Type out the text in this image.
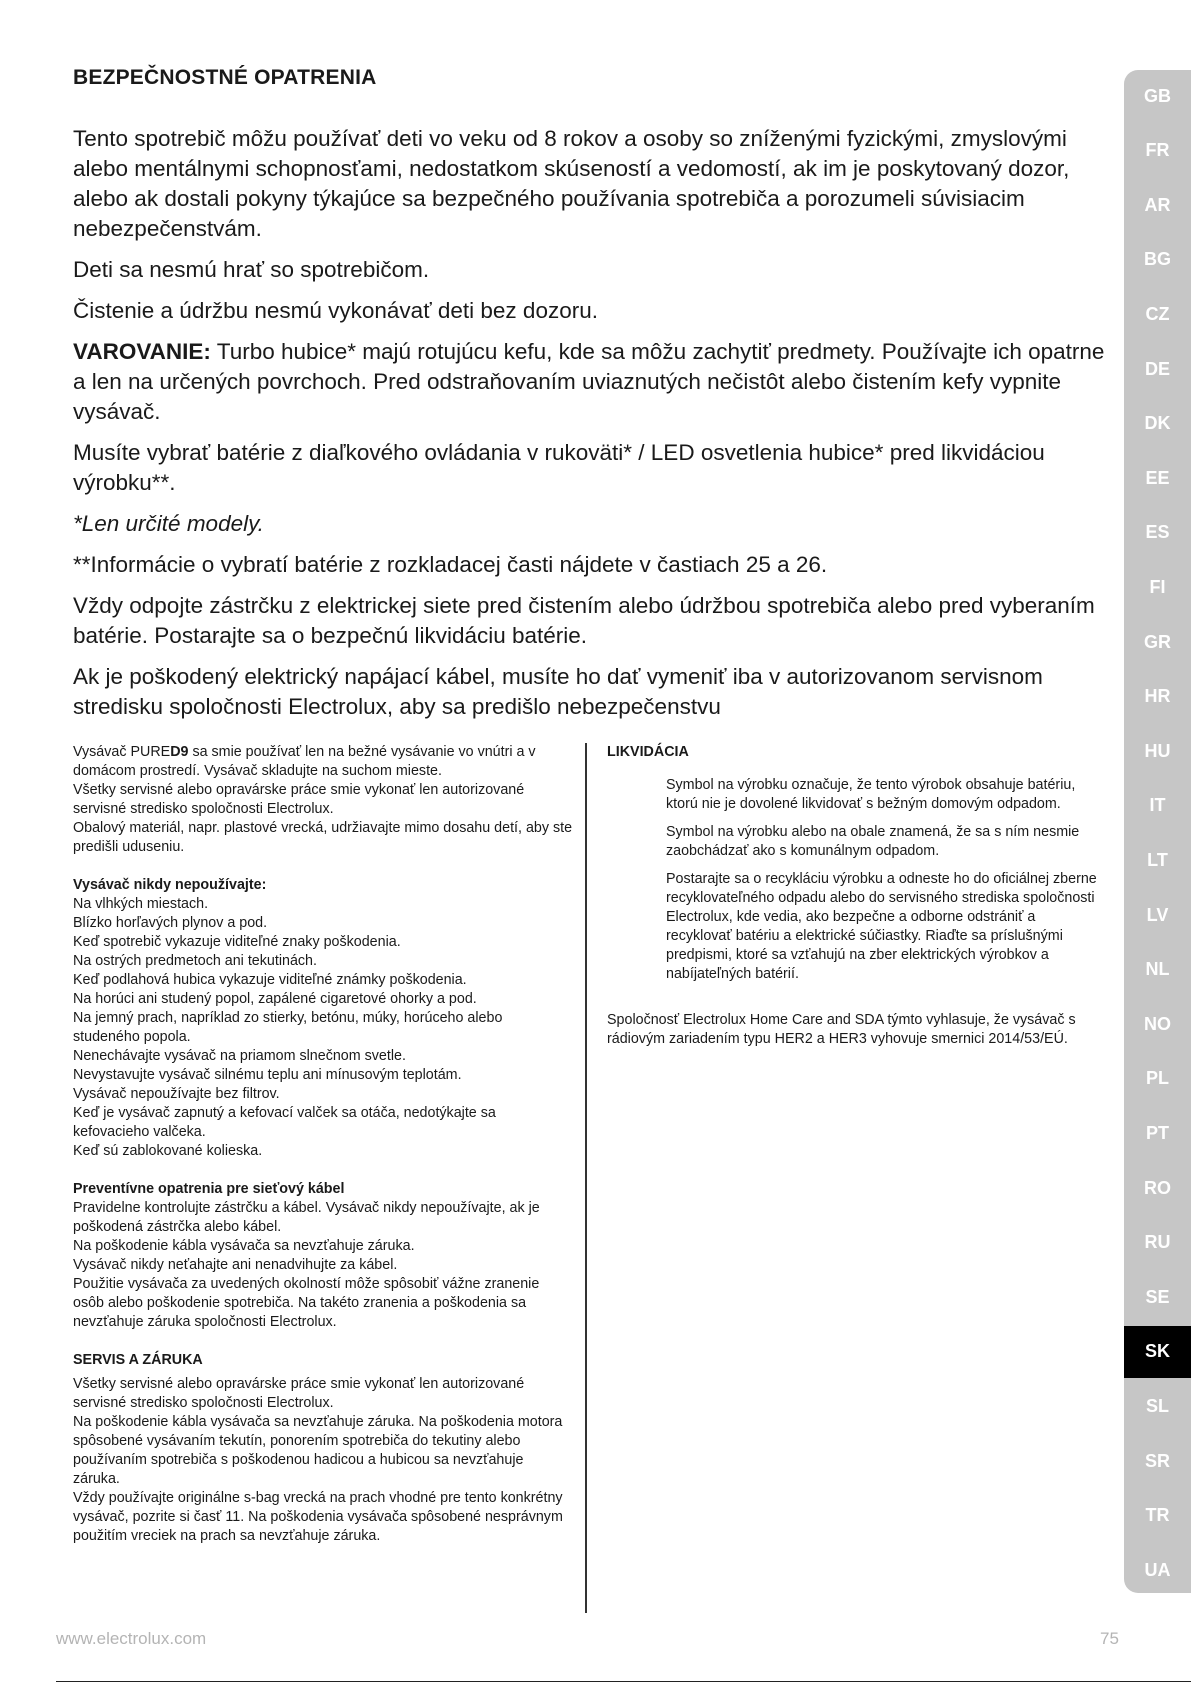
BEZPEČNOSTNÉ OPATRENIA

Tento spotrebič môžu používať deti vo veku od 8 rokov a osoby so zníženými fyzickými, zmyslovými alebo mentálnymi schopnosťami, nedostatkom skúseností a vedomostí, ak im je poskytovaný dozor, alebo ak dostali pokyny týkajúce sa bezpečného používania spotrebiča a porozumeli súvisiacim nebezpečenstvám.

Deti sa nesmú hrať so spotrebičom.

Čistenie a údržbu nesmú vykonávať deti bez dozoru.

VAROVANIE: Turbo hubice* majú rotujúcu kefu, kde sa môžu zachytiť predmety. Používajte ich opatrne a len na určených povrchoch. Pred odstraňovaním uviaznutých nečistôt alebo čistením kefy vypnite vysávač.

Musíte vybrať batérie z diaľkového ovládania v rukoväti* / LED osvetlenia hubice* pred likvidáciou výrobku**.

*Len určité modely.

**Informácie o vybratí batérie z rozkladacej časti nájdete v častiach 25 a 26.

Vždy odpojte zástrčku z elektrickej siete pred čistením alebo údržbou spotrebiča alebo pred vyberaním batérie. Postarajte sa o bezpečnú likvidáciu batérie.

Ak je poškodený elektrický napájací kábel, musíte ho dať vymeniť iba v autorizovanom servisnom stredisku spoločnosti Electrolux, aby sa predišlo nebezpečenstvu

Vysávač PURED9 sa smie používať len na bežné vysávanie vo vnútri a v domácom prostredí. Vysávač skladujte na suchom mieste.
Všetky servisné alebo opravárske práce smie vykonať len autorizované servisné stredisko spoločnosti Electrolux.
Obalový materiál, napr. plastové vrecká, udržiavajte mimo dosahu detí, aby ste predišli uduseniu.
Vysávač nikdy nepoužívajte:
Na vlhkých miestach.
Blízko horľavých plynov a pod.
Keď spotrebič vykazuje viditeľné znaky poškodenia.
Na ostrých predmetoch ani tekutinách.
Keď podlahová hubica vykazuje viditeľné známky poškodenia.
Na horúci ani studený popol, zapálené cigaretové ohorky a pod.
Na jemný prach, napríklad zo stierky, betónu, múky, horúceho alebo studeného popola.
Nenechávajte vysávač na priamom slnečnom svetle.
Nevystavujte vysávač silnému teplu ani mínusovým teplotám.
Vysávač nepoužívajte bez filtrov.
Keď je vysávač zapnutý a kefovací valček sa otáča, nedotýkajte sa kefovacieho valčeka.
Keď sú zablokované kolieska.
Preventívne opatrenia pre sieťový kábel
Pravidelne kontrolujte zástrčku a kábel. Vysávač nikdy nepoužívajte, ak je poškodená zástrčka alebo kábel.
Na poškodenie kábla vysávača sa nevzťahuje záruka.
Vysávač nikdy neťahajte ani nenadvihujte za kábel.
Použitie vysávača za uvedených okolností môže spôsobiť vážne zranenie osôb alebo poškodenie spotrebiča. Na takéto zranenia a poškodenia sa nevzťahuje záruka spoločnosti Electrolux.
SERVIS A ZÁRUKA
Všetky servisné alebo opravárske práce smie vykonať len autorizované servisné stredisko spoločnosti Electrolux.
Na poškodenie kábla vysávača sa nevzťahuje záruka. Na poškodenia motora spôsobené vysávaním tekutín, ponorením spotrebiča do tekutiny alebo používaním spotrebiča s poškodenou hadicou a hubicou sa nevzťahuje záruka.
Vždy používajte originálne s-bag vrecká na prach vhodné pre tento konkrétny vysávač, pozrite si časť 11. Na poškodenia vysávača spôsobené nesprávnym použitím vreciek na prach sa nevzťahuje záruka.
LIKVIDÁCIA

Symbol na výrobku označuje, že tento výrobok obsahuje batériu, ktorú nie je dovolené likvidovať s bežným domovým odpadom.

Symbol na výrobku alebo na obale znamená, že sa s ním nesmie zaobchádzať ako s komunálnym odpadom.

Postarajte sa o recykláciu výrobku a odneste ho do oficiálnej zberne recyklovateľného odpadu alebo do servisného strediska spoločnosti Electrolux, kde vedia, ako bezpečne a odborne odstrániť a recyklovať batériu a elektrické súčiastky. Riaďte sa príslušnými predpismi, ktoré sa vzťahujú na zber elektrických výrobkov a nabíjateľných batérií.

Spoločnosť Electrolux Home Care and SDA týmto vyhlasuje, že vysávač s rádiovým zariadením typu HER2 a HER3 vyhovuje smernici 2014/53/EÚ.

GB
FR
AR
BG
CZ
DE
DK
EE
ES
FI
GR
HR
HU
IT
LT
LV
NL
NO
PL
PT
RO
RU
SE
SK
SL
SR
TR
UA
www.electrolux.com	75
